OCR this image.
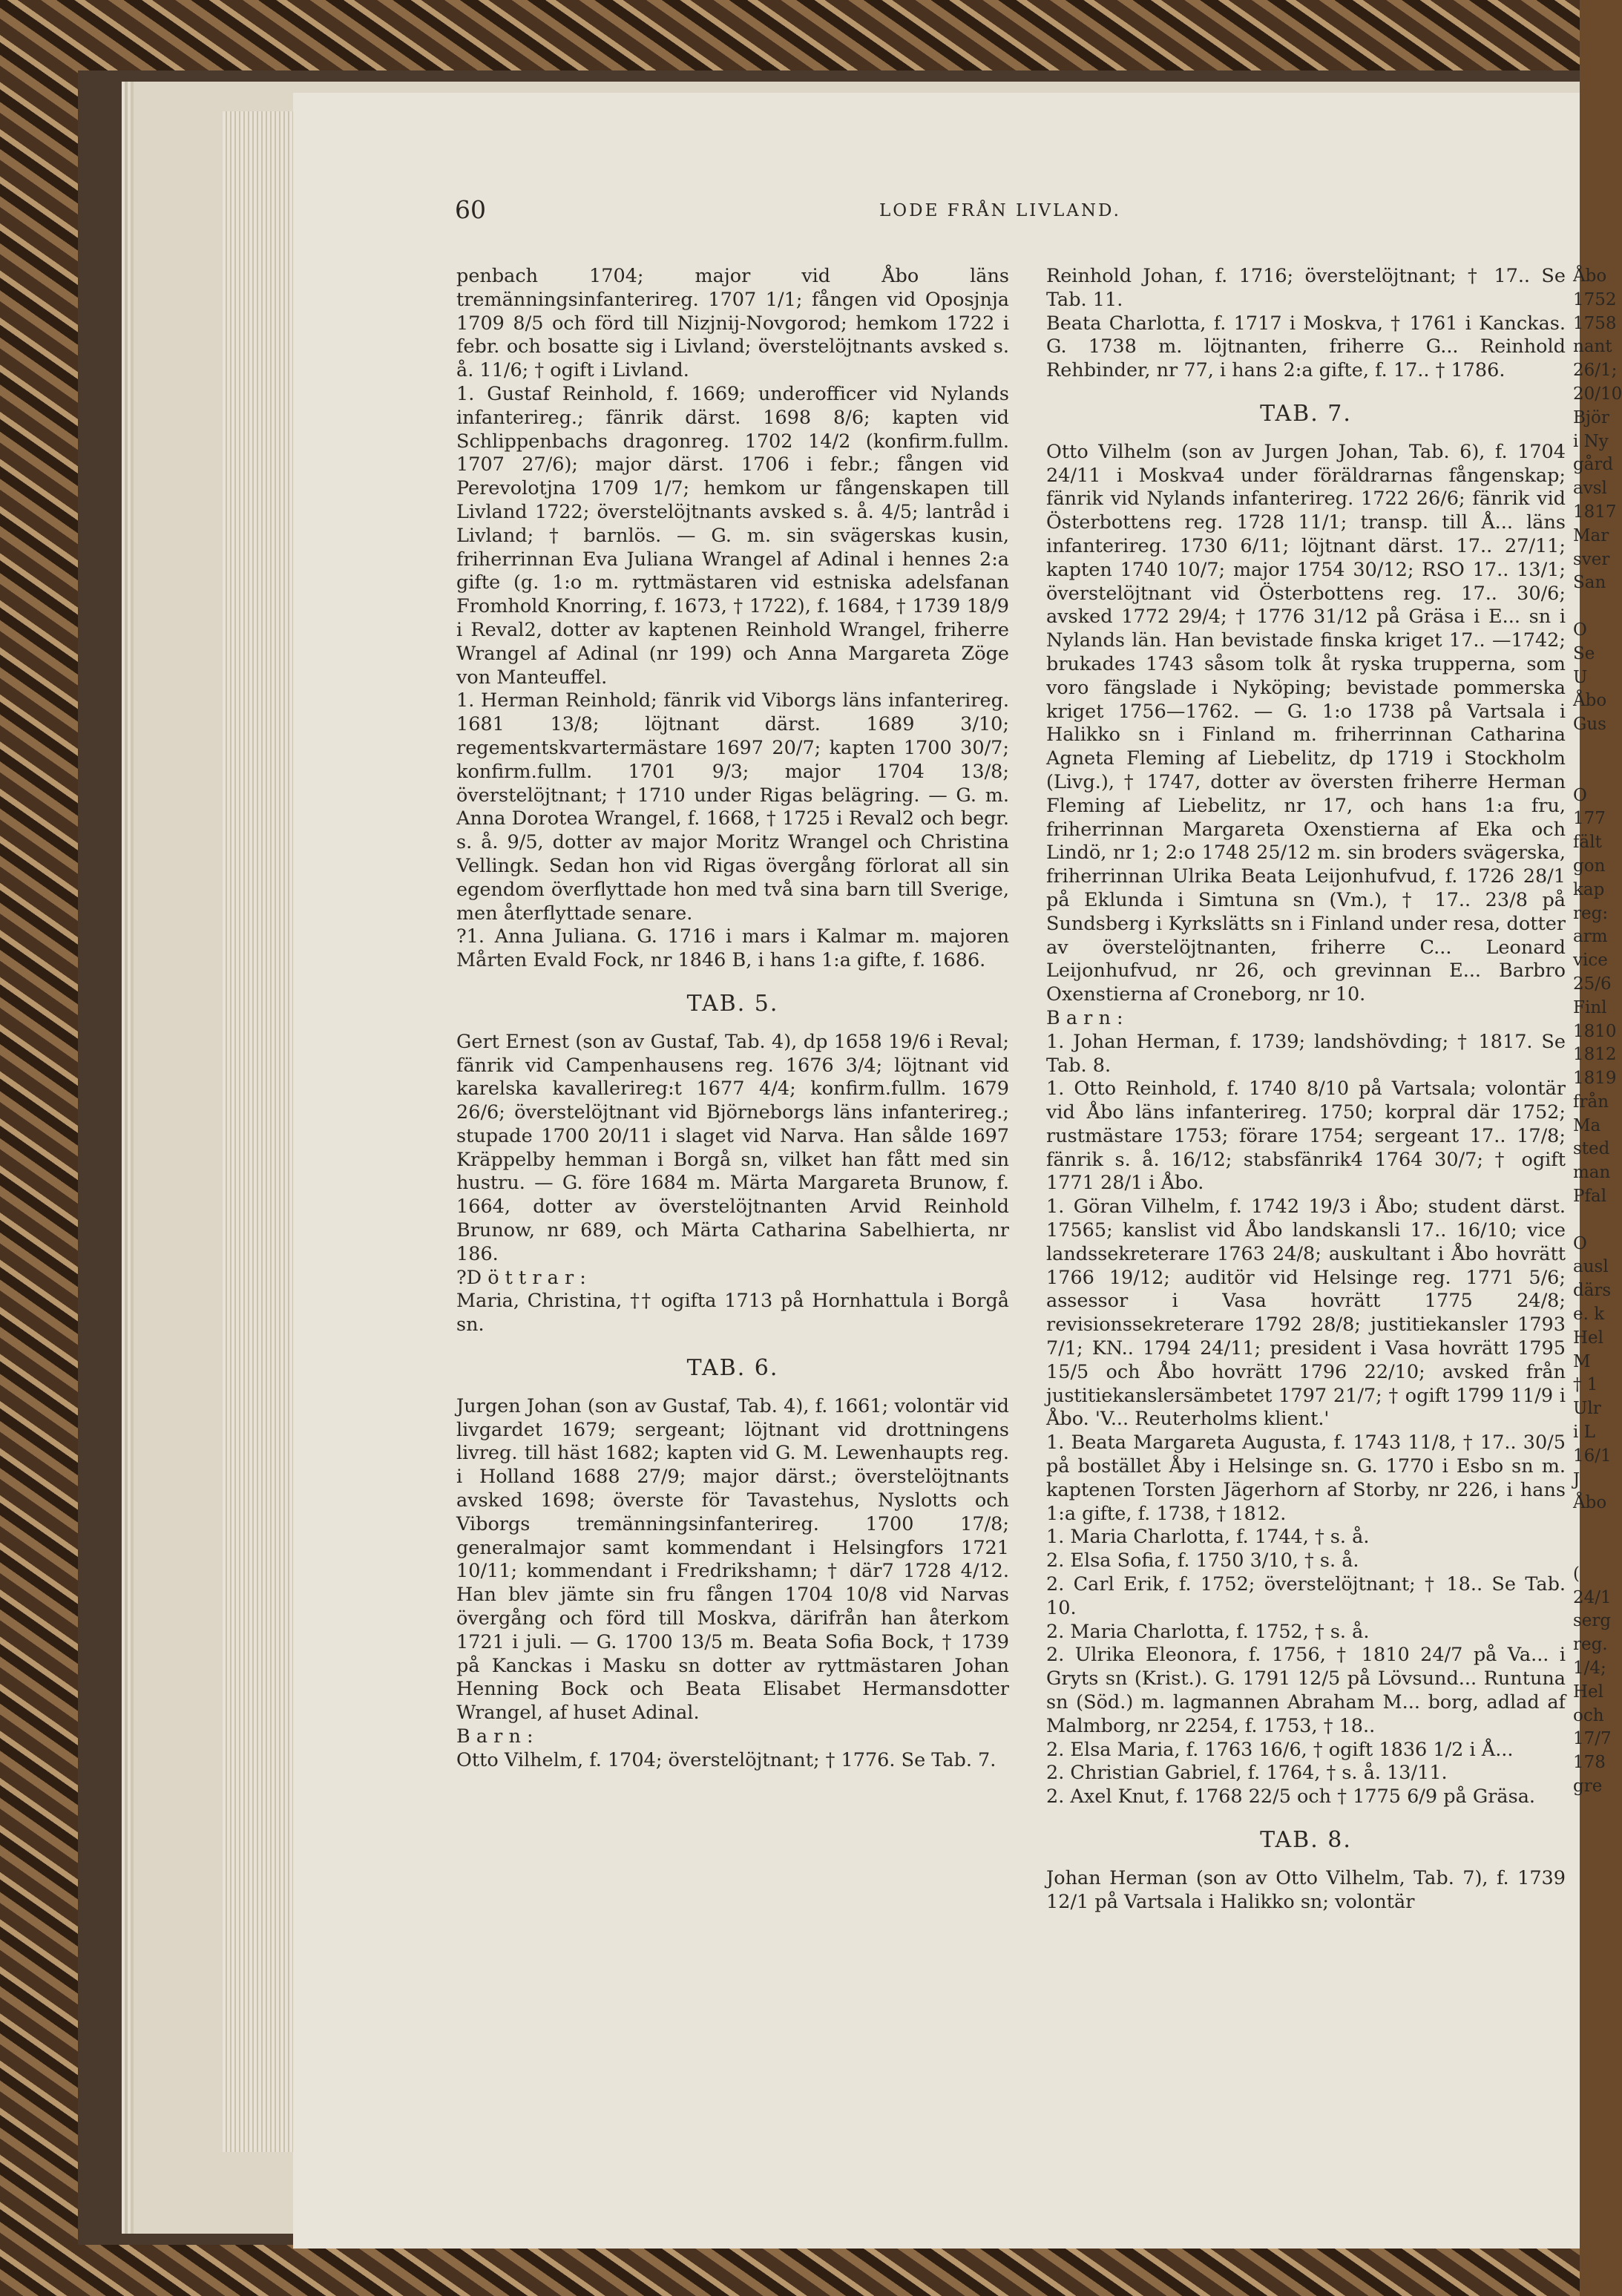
60	LODE FRÅN LIVLAND.

penbach 1704; major vid Åbo läns tremänningsinfanterireg. 1707 1/1; fången vid Oposjnja 1709 8/5 och förd till Nizjnij-Novgorod; hemkom 1722 i febr. och bosatte sig i Livland; överstelöjtnants avsked s. å. 11/6; † ogift i Livland.

1. Gustaf Reinhold, f. 1669; underofficer vid Nylands infanterireg.; fänrik därst. 1698 8/6; kapten vid Schlippenbachs dragonreg. 1702 14/2 (konfirm.fullm. 1707 27/6); major därst. 1706 i febr.; fången vid Perevolotjna 1709 1/7; hemkom ur fångenskapen till Livland 1722; överstelöjtnants avsked s. å. 4/5; lantråd i Livland; † barnlös. — G. m. sin svägerskas kusin, friherrinnan Eva Juliana Wrangel af Adinal i hennes 2:a gifte (g. 1:o m. ryttmästaren vid estniska adelsfanan Fromhold Knorring, f. 1673, † 1722), f. 1684, † 1739 18/9 i Reval2, dotter av kaptenen Reinhold Wrangel, friherre Wrangel af Adinal (nr 199) och Anna Margareta Zöge von Manteuffel.

1. Herman Reinhold; fänrik vid Viborgs läns infanterireg. 1681 13/8; löjtnant därst. 1689 3/10; regementskvartermästare 1697 20/7; kapten 1700 30/7; konfirm.fullm. 1701 9/3; major 1704 13/8; överstelöjtnant; † 1710 under Rigas belägring. — G. m. Anna Dorotea Wrangel, f. 1668, † 1725 i Reval2 och begr. s. å. 9/5, dotter av major Moritz Wrangel och Christina Vellingk. Sedan hon vid Rigas övergång förlorat all sin egendom överflyttade hon med två sina barn till Sverige, men återflyttade senare.

?1. Anna Juliana. G. 1716 i mars i Kalmar m. majoren Mårten Evald Fock, nr 1846 B, i hans 1:a gifte, f. 1686.

TAB. 5.

Gert Ernest (son av Gustaf, Tab. 4), dp 1658 19/6 i Reval; fänrik vid Campenhausens reg. 1676 3/4; löjtnant vid karelska kavallerireg:t 1677 4/4; konfirm.fullm. 1679 26/6; överstelöjtnant vid Björneborgs läns infanterireg.; stupade 1700 20/11 i slaget vid Narva. Han sålde 1697 Kräppelby hemman i Borgå sn, vilket han fått med sin hustru. — G. före 1684 m. Märta Margareta Brunow, f. 1664, dotter av överstelöjtnanten Arvid Reinhold Brunow, nr 689, och Märta Catharina Sabelhierta, nr 186.

?D ö t t r a r :

Maria, Christina, †† ogifta 1713 på Hornhattula i Borgå sn.

TAB. 6.

Jurgen Johan (son av Gustaf, Tab. 4), f. 1661; volontär vid livgardet 1679; sergeant; löjtnant vid drottningens livreg. till häst 1682; kapten vid G. M. Lewenhaupts reg. i Holland 1688 27/9; major därst.; överstelöjtnants avsked 1698; överste för Tavastehus, Nyslotts och Viborgs tremänningsinfanterireg. 1700 17/8; generalmajor samt kommendant i Helsingfors 1721 10/11; kommendant i Fredrikshamn; † där7 1728 4/12. Han blev jämte sin fru fången 1704 10/8 vid Narvas övergång och förd till Moskva, därifrån han återkom 1721 i juli. — G. 1700 13/5 m. Beata Sofia Bock, † 1739 på Kanckas i Masku sn dotter av ryttmästaren Johan Henning Bock och Beata Elisabet Hermansdotter Wrangel, af huset Adinal.

B a r n :

Otto Vilhelm, f. 1704; överstelöjtnant; † 1776. Se Tab. 7.

Reinhold Johan, f. 1716; överstelöjtnant; † 17.. Se Tab. 11.

Beata Charlotta, f. 1717 i Moskva, † 1761 i Kanckas. G. 1738 m. löjtnanten, friherre G... Reinhold Rehbinder, nr 77, i hans 2:a gifte, f. 17.. † 1786.

TAB. 7.

Otto Vilhelm (son av Jurgen Johan, Tab. 6), f. 1704 24/11 i Moskva4 under föräldrarnas fångenskap; fänrik vid Nylands infanterireg. 1722 26/6; fänrik vid Österbottens reg. 1728 11/1; transp. till Å... läns infanterireg. 1730 6/11; löjtnant därst. 17.. 27/11; kapten 1740 10/7; major 1754 30/12; RSO 17.. 13/1; överstelöjtnant vid Österbottens reg. 17.. 30/6; avsked 1772 29/4; † 1776 31/12 på Gräsa i E... sn i Nylands län. Han bevistade finska kriget 17.. —1742; brukades 1743 såsom tolk åt ryska trupperna, som voro fängslade i Nyköping; bevistade pommerska kriget 1756—1762. — G. 1:o 1738 på Vartsala i Halikko sn i Finland m. friherrinnan Catharina Agneta Fleming af Liebelitz, dp 1719 i Stockholm (Livg.), † 1747, dotter av översten friherre Herman Fleming af Liebelitz, nr 17, och hans 1:a fru, friherrinnan Margareta Oxenstierna af Eka och Lindö, nr 1; 2:o 1748 25/12 m. sin broders svägerska, friherrinnan Ulrika Beata Leijonhufvud, f. 1726 28/1 på Eklunda i Simtuna sn (Vm.), † 17.. 23/8 på Sundsberg i Kyrkslätts sn i Finland under resa, dotter av överstelöjtnanten, friherre C... Leonard Leijonhufvud, nr 26, och grevinnan E... Barbro Oxenstierna af Croneborg, nr 10.

B a r n :

1. Johan Herman, f. 1739; landshövding; † 1817. Se Tab. 8.

1. Otto Reinhold, f. 1740 8/10 på Vartsala; volontär vid Åbo läns infanterireg. 1750; korpral där 1752; rustmästare 1753; förare 1754; sergeant 17.. 17/8; fänrik s. å. 16/12; stabsfänrik4 1764 30/7; † ogift 1771 28/1 i Åbo.

1. Göran Vilhelm, f. 1742 19/3 i Åbo; student därst. 17565; kanslist vid Åbo landskansli 17.. 16/10; vice landssekreterare 1763 24/8; auskultant i Åbo hovrätt 1766 19/12; auditör vid Helsinge reg. 1771 5/6; assessor i Vasa hovrätt 1775 24/8; revisionssekreterare 1792 28/8; justitiekansler 1793 7/1; KN.. 1794 24/11; president i Vasa hovrätt 1795 15/5 och Åbo hovrätt 1796 22/10; avsked från justitiekanslersämbetet 1797 21/7; † ogift 1799 11/9 i Åbo. 'V... Reuterholms klient.'

1. Beata Margareta Augusta, f. 1743 11/8, † 17.. 30/5 på bostället Åby i Helsinge sn. G. 1770 i Esbo sn m. kaptenen Torsten Jägerhorn af Storby, nr 226, i hans 1:a gifte, f. 1738, † 1812.

1. Maria Charlotta, f. 1744, † s. å.

2. Elsa Sofia, f. 1750 3/10, † s. å.

2. Carl Erik, f. 1752; överstelöjtnant; † 18.. Se Tab. 10.

2. Maria Charlotta, f. 1752, † s. å.

2. Ulrika Eleonora, f. 1756, † 1810 24/7 på Va... i Gryts sn (Krist.). G. 1791 12/5 på Lövsund... Runtuna sn (Söd.) m. lagmannen Abraham M... borg, adlad af Malmborg, nr 2254, f. 1753, † 18..

2. Elsa Maria, f. 1763 16/6, † ogift 1836 1/2 i Å...

2. Christian Gabriel, f. 1764, † s. å. 13/11.

2. Axel Knut, f. 1768 22/5 och † 1775 6/9 på Gräsa.

TAB. 8.

Johan Herman (son av Otto Vilhelm, Tab. 7), f. 1739 12/1 på Vartsala i Halikko sn; volontär

Åbo
1752
1758
nant
26/1;
20/10
Björ
i Ny
gård
avsl
1817
Mar
sver
San

O
Se
U
Åbo
Gus

O
177
fält
gon
kap
reg:
arm
vice
25/6
Finl
1810
1812
1819
från
Ma
sted
man
Pfal

O
ausl
därs
e. k
Hel
M
† 1
Ulr
i L
16/1
J
Åbo

(
24/1
serg
reg.
1/4;
Hel
och
17/7
178
gre
